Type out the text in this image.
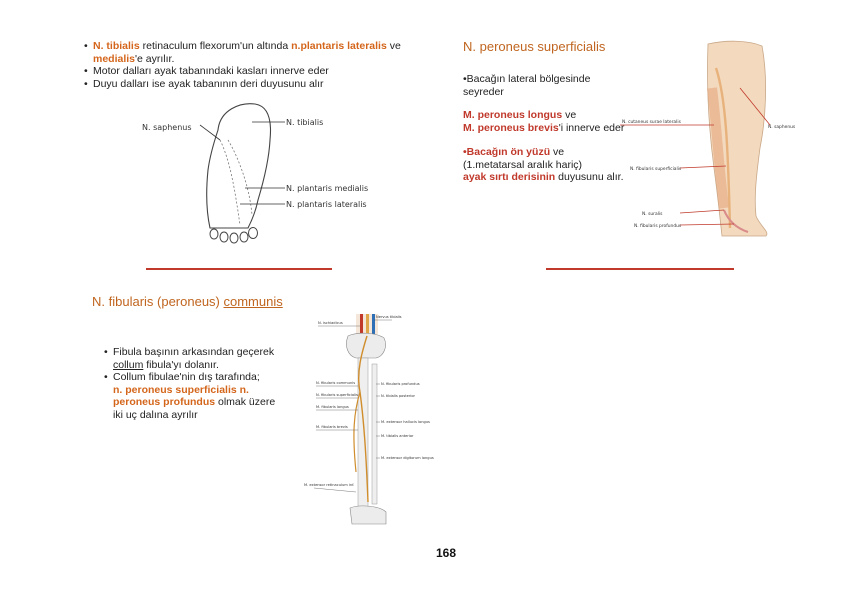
• N. tibialis retinaculum flexorum'un altında n.plantaris lateralis ve medialis'e ayrılır.
• Motor dalları ayak tabanındaki kasları innerve eder
• Duyu dalları ise ayak tabanının deri duyusunu alır
N. saphenus
N. tibialis
N. plantaris medialis
N. plantaris lateralis
N. peroneus superficialis
•Bacağın lateral bölgesinde
seyreder
M. peroneus longus ve
M. peroneus brevis'i innerve eder
•Bacağın ön yüzü ve
(1.metatarsal aralık hariç)
ayak sırtı derisinin duyusunu alır.
N. cutaneus surae lateralis
N. saphenus
N. fibularis superficialis
N. suralis
N. fibularis profundus
N. fibularis (peroneus) communis
• Fibula başının arkasından geçerek collum fibula'yı dolanır.
• Collum fibulae'nin dış tarafında;
n. peroneus superficialis n. peroneus profundus olmak üzere
iki uç dalına ayrılır
N. ischiadicus
Nervus tibialis
N. fibularis communis
N. fibularis superficialis
M. fibularis longus
M. fibularis brevis
N. fibularis profundus
N. tibialis posterior
M. extensor hallucis longus
M. tibialis anterior
M. extensor digitorum longus
M. extensor retinaculum inf.
168
